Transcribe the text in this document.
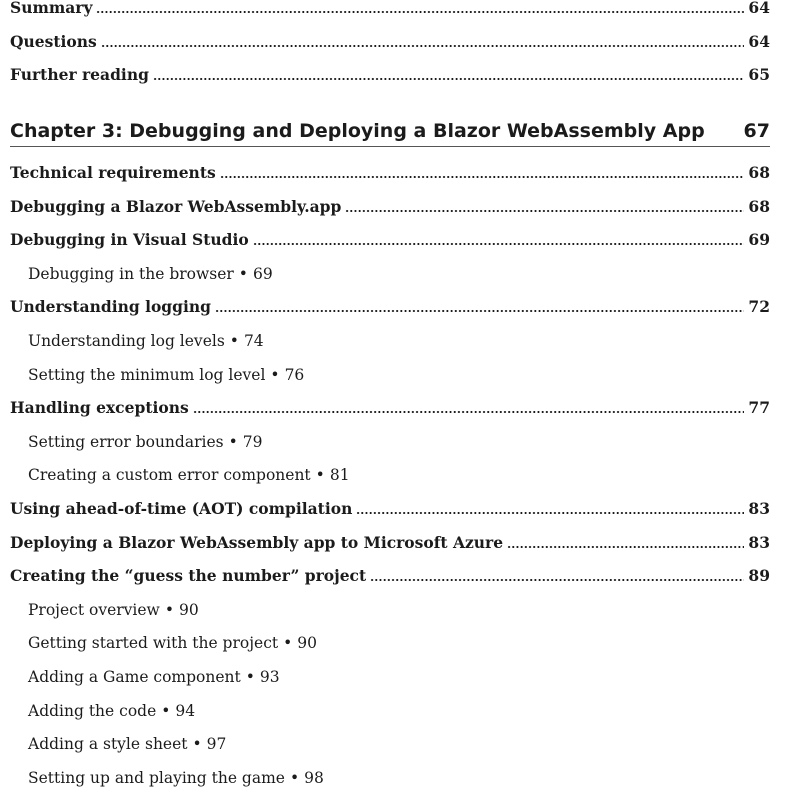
Summary	64
Questions	64
Further reading	65
Chapter 3: Debugging and Deploying a Blazor WebAssembly App 67
Technical requirements	68
Debugging a Blazor WebAssembly.app	68
Debugging in Visual Studio	69
Debugging in the browser • 69
Understanding logging	72
Understanding log levels • 74
Setting the minimum log level • 76
Handling exceptions	77
Setting error boundaries • 79
Creating a custom error component • 81
Using ahead-of-time (AOT) compilation	83
Deploying a Blazor WebAssembly app to Microsoft Azure	83
Creating the “guess the number” project	89
Project overview • 90
Getting started with the project • 90
Adding a Game component • 93
Adding the code • 94
Adding a style sheet • 97
Setting up and playing the game • 98
